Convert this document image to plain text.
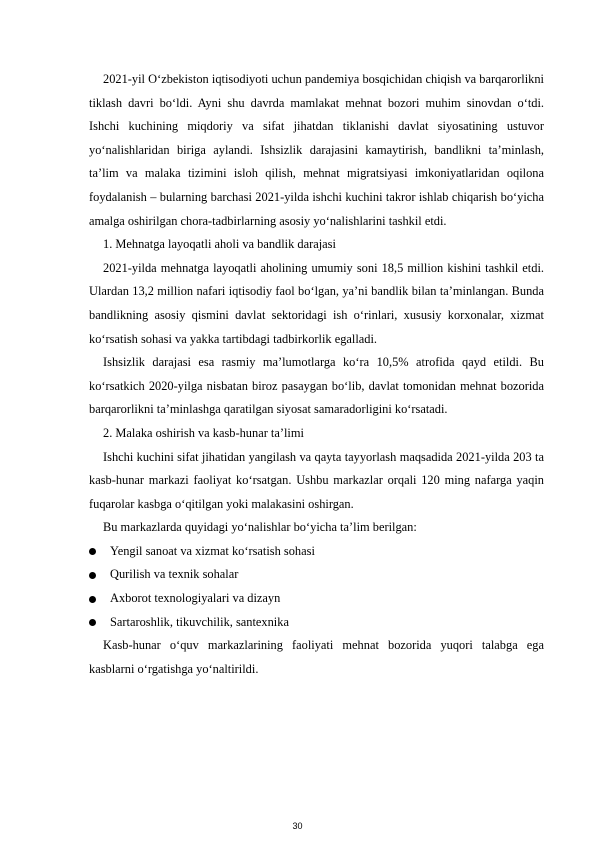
2021-yil O‘zbekiston iqtisodiyoti uchun pandemiya bosqichidan chiqish va barqarorlikni tiklash davri bo‘ldi. Ayni shu davrda mamlakat mehnat bozori muhim sinovdan o‘tdi. Ishchi kuchining miqdoriy va sifat jihatdan tiklanishi davlat siyosatining ustuvor yo‘nalishlaridan biriga aylandi. Ishsizlik darajasini kamaytirish, bandlikni ta’minlash, ta’lim va malaka tizimini isloh qilish, mehnat migratsiyasi imkoniyatlaridan oqilona foydalanish – bularning barchasi 2021-yilda ishchi kuchini takror ishlab chiqarish bo‘yicha amalga oshirilgan chora-tadbirlarning asosiy yo‘nalishlarini tashkil etdi.

1. Mehnatga layoqatli aholi va bandlik darajasi

2021-yilda mehnatga layoqatli aholining umumiy soni 18,5 million kishini tashkil etdi. Ulardan 13,2 million nafari iqtisodiy faol bo‘lgan, ya’ni bandlik bilan ta’minlangan. Bunda bandlikning asosiy qismini davlat sektoridagi ish o‘rinlari, xususiy korxonalar, xizmat ko‘rsatish sohasi va yakka tartibdagi tadbirkorlik egalladi.

Ishsizlik darajasi esa rasmiy ma’lumotlarga ko‘ra 10,5% atrofida qayd etildi. Bu ko‘rsatkich 2020-yilga nisbatan biroz pasaygan bo‘lib, davlat tomonidan mehnat bozorida barqarorlikni ta’minlashga qaratilgan siyosat samaradorligini ko‘rsatadi.

2. Malaka oshirish va kasb-hunar ta’limi

Ishchi kuchini sifat jihatidan yangilash va qayta tayyorlash maqsadida 2021-yilda 203 ta kasb-hunar markazi faoliyat ko‘rsatgan. Ushbu markazlar orqali 120 ming nafarga yaqin fuqarolar kasbga o‘qitilgan yoki malakasini oshirgan.

Bu markazlarda quyidagi yo‘nalishlar bo‘yicha ta’lim berilgan:

Yengil sanoat va xizmat ko‘rsatish sohasi
Qurilish va texnik sohalar
Axborot texnologiyalari va dizayn
Sartaroshlik, tikuvchilik, santexnika

Kasb-hunar o‘quv markazlarining faoliyati mehnat bozorida yuqori talabga ega kasblarni o‘rgatishga yo‘naltirildi.

30
